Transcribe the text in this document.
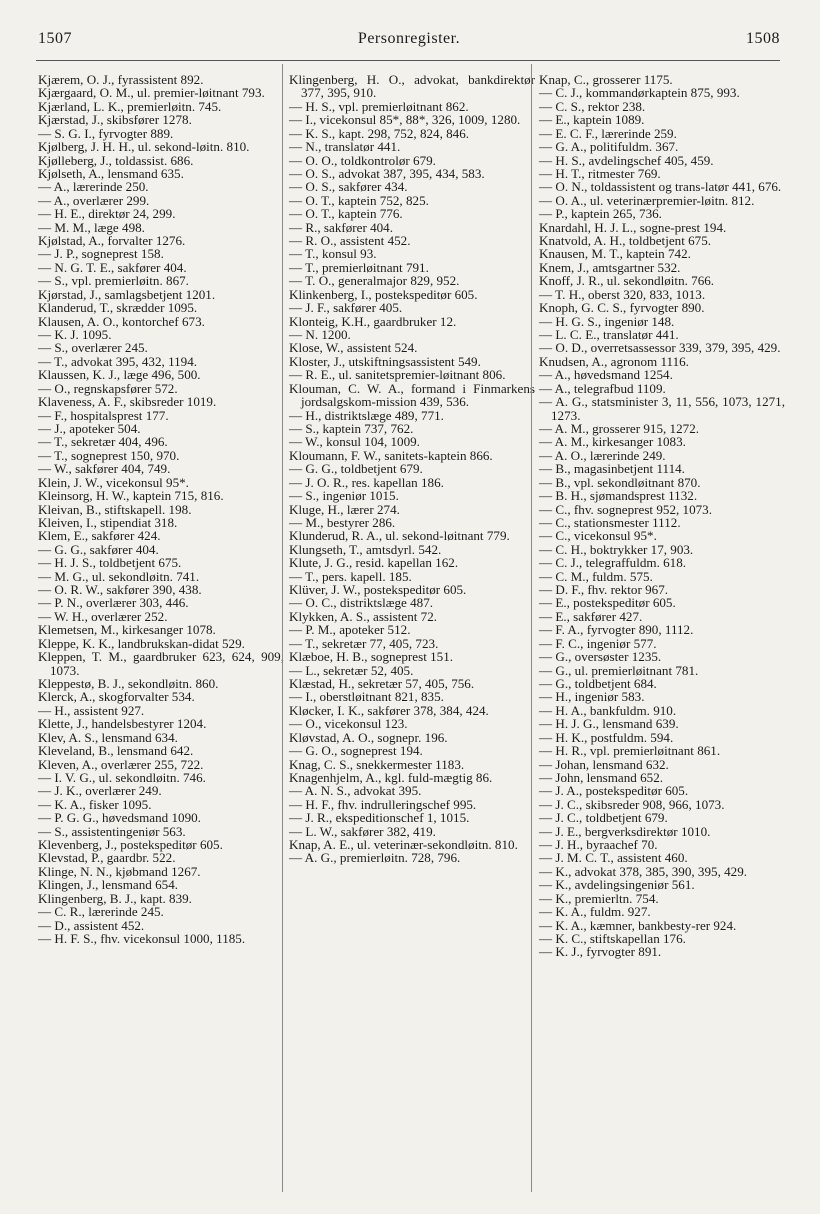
1507	Personregister.	1508
Kjærem, O. J., fyrassistent 892.
Kjærgaard, O. M., ul. premier-løitnant 793.
Kjærland, L. K., premierløitn. 745.
Kjærstad, J., skibsfører 1278.
— S. G. I., fyrvogter 889.
Kjølberg, J. H. H., ul. sekond-løitn. 810.
Kjølleberg, J., toldassist. 686.
Kjølseth, A., lensmand 635.
— A., lærerinde 250.
— A., overlærer 299.
— H. E., direktør 24, 299.
— M. M., læge 498.
Kjølstad, A., forvalter 1276.
— J. P., sogneprest 158.
— N. G. T. E., sakfører 404.
— S., vpl. premierløitn. 867.
Kjørstad, J., samlagsbetjent 1201.
Klanderud, T., skrædder 1095.
Klausen, A. O., kontorchef 673.
— K. J. 1095.
— S., overlærer 245.
— T., advokat 395, 432, 1194.
Klaussen, K. J., læge 496, 500.
— O., regnskapsfører 572.
Klaveness, A. F., skibsreder 1019.
— F., hospitalsprest 177.
— J., apoteker 504.
— T., sekretær 404, 496.
— T., sogneprest 150, 970.
— W., sakfører 404, 749.
Klein, J. W., vicekonsul 95*.
Kleinsorg, H. W., kaptein 715, 816.
Kleivan, B., stiftskapell. 198.
Kleiven, I., stipendiat 318.
Klem, E., sakfører 424.
— G. G., sakfører 404.
— H. J. S., toldbetjent 675.
— M. G., ul. sekondløitn. 741.
— O. R. W., sakfører 390, 438.
— P. N., overlærer 303, 446.
— W. H., overlærer 252.
Klemetsen, M., kirkesanger 1078.
Kleppe, K. K., landbrukskan-didat 529.
Kleppen, T. M., gaardbruker 623, 624, 909, 1073.
Kleppestø, B. J., sekondløitn. 860.
Klerck, A., skogforvalter 534.
— H., assistent 927.
Klette, J., handelsbestyrer 1204.
Klev, A. S., lensmand 634.
Kleveland, B., lensmand 642.
Kleven, A., overlærer 255, 722.
— I. V. G., ul. sekondløitn. 746.
— J. K., overlærer 249.
— K. A., fisker 1095.
— P. G. G., høvedsmand 1090.
— S., assistentingeniør 563.
Klevenberg, J., postekspeditør 605.
Klevstad, P., gaardbr. 522.
Klinge, N. N., kjøbmand 1267.
Klingen, J., lensmand 654.
Klingenberg, B. J., kapt. 839.
— C. R., lærerinde 245.
— D., assistent 452.
— H. F. S., fhv. vicekonsul 1000, 1185.
Klingenberg, H. O., advokat, bankdirektør 377, 395, 910.
— H. S., vpl. premierløitnant 862.
— I., vicekonsul 85*, 88*, 326, 1009, 1280.
— K. S., kapt. 298, 752, 824, 846.
— N., translatør 441.
— O. O., toldkontrolør 679.
— O. S., advokat 387, 395, 434, 583.
— O. S., sakfører 434.
— O. T., kaptein 752, 825.
— O. T., kaptein 776.
— R., sakfører 404.
— R. O., assistent 452.
— T., konsul 93.
— T., premierløitnant 791.
— T. O., generalmajor 829, 952.
Klinkenberg, I., postekspeditør 605.
— J. F., sakfører 405.
Klonteig, K.H., gaardbruker 12.
— N. 1200.
Klose, W., assistent 524.
Kloster, J., utskiftningsassistent 549.
— R. E., ul. sanitetspremier-løitnant 806.
Klouman, C. W. A., formand i Finmarkens jordsalgskom-mission 439, 536.
— H., distriktslæge 489, 771.
— S., kaptein 737, 762.
— W., konsul 104, 1009.
Kloumann, F. W., sanitets-kaptein 866.
— G. G., toldbetjent 679.
— J. O. R., res. kapellan 186.
— S., ingeniør 1015.
Kluge, H., lærer 274.
— M., bestyrer 286.
Klunderud, R. A., ul. sekond-løitnant 779.
Klungseth, T., amtsdyrl. 542.
Klute, J. G., resid. kapellan 162.
— T., pers. kapell. 185.
Klüver, J. W., postekspeditør 605.
— O. C., distriktslæge 487.
Klykken, A. S., assistent 72.
— P. M., apoteker 512.
— T., sekretær 77, 405, 723.
Klæboe, H. B., sogneprest 151.
— L., sekretær 52, 405.
Klæstad, H., sekretær 57, 405, 756.
— I., oberstløitnant 821, 835.
Kløcker, I. K., sakfører 378, 384, 424.
— O., vicekonsul 123.
Kløvstad, A. O., sognepr. 196.
— G. O., sogneprest 194.
Knag, C. S., snekkermester 1183.
Knagenhjelm, A., kgl. fuld-mægtig 86.
— A. N. S., advokat 395.
— H. F., fhv. indrulleringschef 995.
— J. R., ekspeditionschef 1, 1015.
— L. W., sakfører 382, 419.
Knap, A. E., ul. veterinær-sekondløitn. 810.
— A. G., premierløitn. 728, 796.
Knap, C., grosserer 1175.
— C. J., kommandørkaptein 875, 993.
— C. S., rektor 238.
— E., kaptein 1089.
— E. C. F., lærerinde 259.
— G. A., politifuldm. 367.
— H. S., avdelingschef 405, 459.
— H. T., ritmester 769.
— O. N., toldassistent og trans-latør 441, 676.
— O. A., ul. veterinærpremier-løitn. 812.
— P., kaptein 265, 736.
Knardahl, H. J. L., sogne-prest 194.
Knatvold, A. H., toldbetjent 675.
Knausen, M. T., kaptein 742.
Knem, J., amtsgartner 532.
Knoff, J. R., ul. sekondløitn. 766.
— T. H., oberst 320, 833, 1013.
Knoph, G. C. S., fyrvogter 890.
— H. G. S., ingeniør 148.
— L. C. E., translatør 441.
— O. D., overretsassessor 339, 379, 395, 429.
Knudsen, A., agronom 1116.
— A., høvedsmand 1254.
— A., telegrafbud 1109.
— A. G., statsminister 3, 11, 556, 1073, 1271, 1273.
— A. M., grosserer 915, 1272.
— A. M., kirkesanger 1083.
— A. O., lærerinde 249.
— B., magasinbetjent 1114.
— B., vpl. sekondløitnant 870.
— B. H., sjømandsprest 1132.
— C., fhv. sogneprest 952, 1073.
— C., stationsmester 1112.
— C., vicekonsul 95*.
— C. H., boktrykker 17, 903.
— C. J., telegraffuldm. 618.
— C. M., fuldm. 575.
— D. F., fhv. rektor 967.
— E., postekspeditør 605.
— E., sakfører 427.
— F. A., fyrvogter 890, 1112.
— F. C., ingeniør 577.
— G., oversøster 1235.
— G., ul. premierløitnant 781.
— G., toldbetjent 684.
— H., ingeniør 583.
— H. A., bankfuldm. 910.
— H. J. G., lensmand 639.
— H. K., postfuldm. 594.
— H. R., vpl. premierløitnant 861.
— Johan, lensmand 632.
— John, lensmand 652.
— J. A., postekspeditør 605.
— J. C., skibsreder 908, 966, 1073.
— J. C., toldbetjent 679.
— J. E., bergverksdirektør 1010.
— J. H., byraachef 70.
— J. M. C. T., assistent 460.
— K., advokat 378, 385, 390, 395, 429.
— K., avdelingsingeniør 561.
— K., premierltn. 754.
— K. A., fuldm. 927.
— K. A., kæmner, bankbesty-rer 924.
— K. C., stiftskapellan 176.
— K. J., fyrvogter 891.
